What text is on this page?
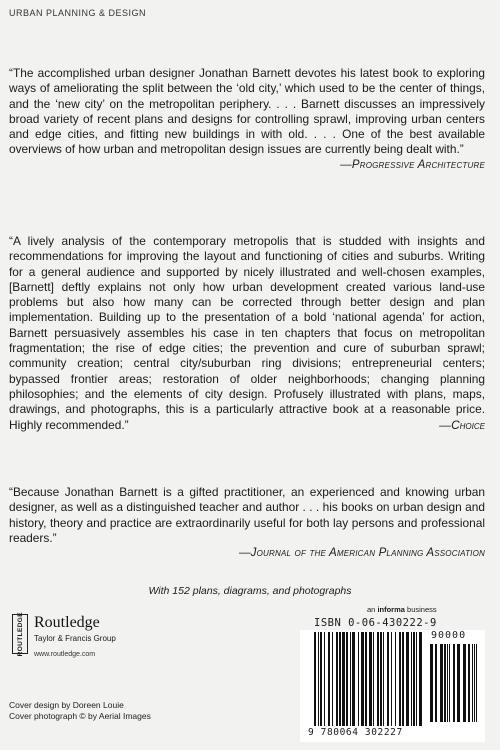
URBAN PLANNING & DESIGN
“The accomplished urban designer Jonathan Barnett devotes his latest book to exploring ways of ameliorating the split between the ‘old city,’ which used to be the center of things, and the ‘new city’ on the metropolitan periphery. . . . Barnett discusses an impressively broad variety of recent plans and designs for controlling sprawl, improving urban centers and edge cities, and fitting new buildings in with old. . . . One of the best available overviews of how urban and metropolitan design issues are currently being dealt with.”
—Progressive Architecture
“A lively analysis of the contemporary metropolis that is studded with insights and recommendations for improving the layout and functioning of cities and suburbs. Writing for a general audience and supported by nicely illustrated and well-chosen examples, [Barnett] deftly explains not only how urban development created various land-use problems but also how many can be corrected through better design and plan implementation. Building up to the presentation of a bold ‘national agenda’ for action, Barnett persuasively assembles his case in ten chapters that focus on metropolitan fragmentation; the rise of edge cities; the prevention and cure of suburban sprawl; community creation; central city/suburban ring divisions; entrepreneurial centers; bypassed frontier areas; restoration of older neighborhoods; changing planning philosophies; and the elements of city design. Profusely illustrated with plans, maps, drawings, and photographs, this is a particularly attractive book at a reasonable price. Highly recommended.”	—Choice
“Because Jonathan Barnett is a gifted practitioner, an experienced and knowing urban designer, as well as a distinguished teacher and author . . . his books on urban design and history, theory and practice are extraordinarily useful for both lay persons and professional readers.”
—Journal of the American Planning Association
With 152 plans, diagrams, and photographs
ROUTLEDGE Routledge
Taylor & Francis Group
www.routledge.com
an informa business
ISBN 0-06-430222-9
90000
9 780064 302227
Cover design by Doreen Louie
Cover photograph © by Aerial Images
